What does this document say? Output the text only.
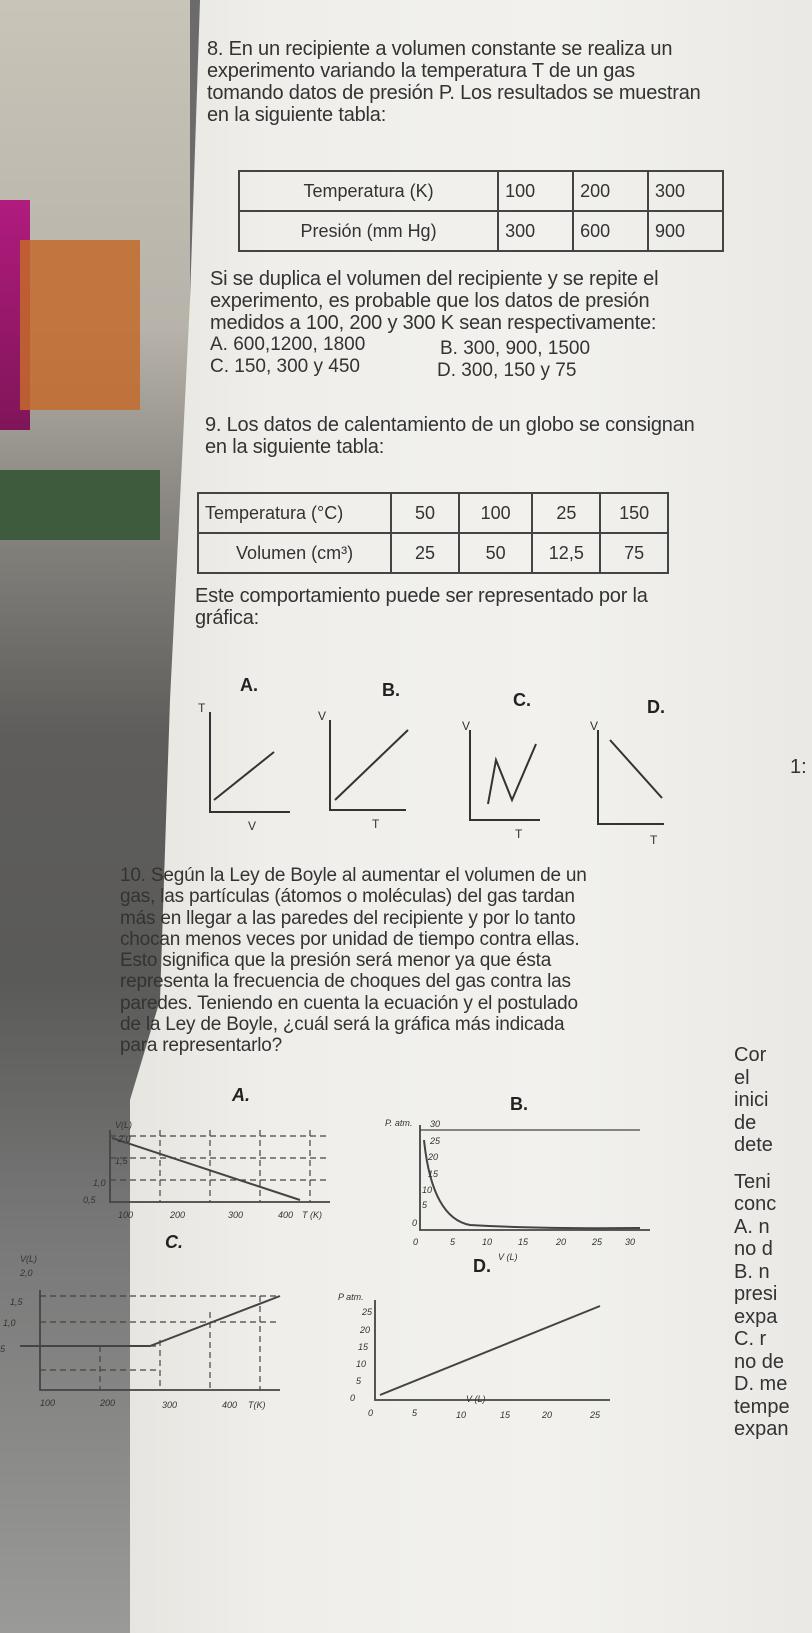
8. En un recipiente a volumen constante se realiza un
experimento variando la temperatura T de un gas
tomando datos de presión P. Los resultados se muestran
en la siguiente tabla:
Temperatura (K)	100	200	300
Presión (mm Hg)	300	600	900
Si se duplica el volumen del recipiente y se repite el
experimento, es probable que los datos de presión
medidos a 100, 200 y 300 K sean respectivamente:
A. 600,1200, 1800	B. 300, 900, 1500
C. 150, 300 y 450	D. 300, 150 y 75
9. Los datos de calentamiento de un globo se consignan
en la siguiente tabla:
Temperatura (°C)	50	100	25	150
Volumen (cm³)	25	50	12,5	75
Este comportamiento puede ser representado por la
gráfica:
A.	B.	C.	D.
T
V
V
T
V
T
V
T
10. Según la Ley de Boyle al aumentar el volumen de un
gas, las partículas (átomos o moléculas) del gas tardan
más en llegar a las paredes del recipiente y por lo tanto
chocan menos veces por unidad de tiempo contra ellas.
Esto significa que la presión será menor ya que ésta
representa la frecuencia de choques del gas contra las
paredes. Teniendo en cuenta la ecuación y el postulado
de la Ley de Boyle, ¿cuál será la gráfica más indicada
para representarlo?
A.	B.
C.
D.
V(L)
2,0
1,5
1,0
0,5
100	200	300	400 T (K)
P. atm. 30
25
20
15
10
5
0
0	5	10	15	20	25	30
V (L)
V(L)
2,0
1,5
1,0
5
100	200	300	400 T(K)
P atm.
25
20
15
10
5
0
0	5	10	15	20	25
V (L)
1:
Cor
el
inici
de
dete
Teni
conc
A. n
no d
B. n
presi
expa
C. r
no de
D. me
tempe
expan
